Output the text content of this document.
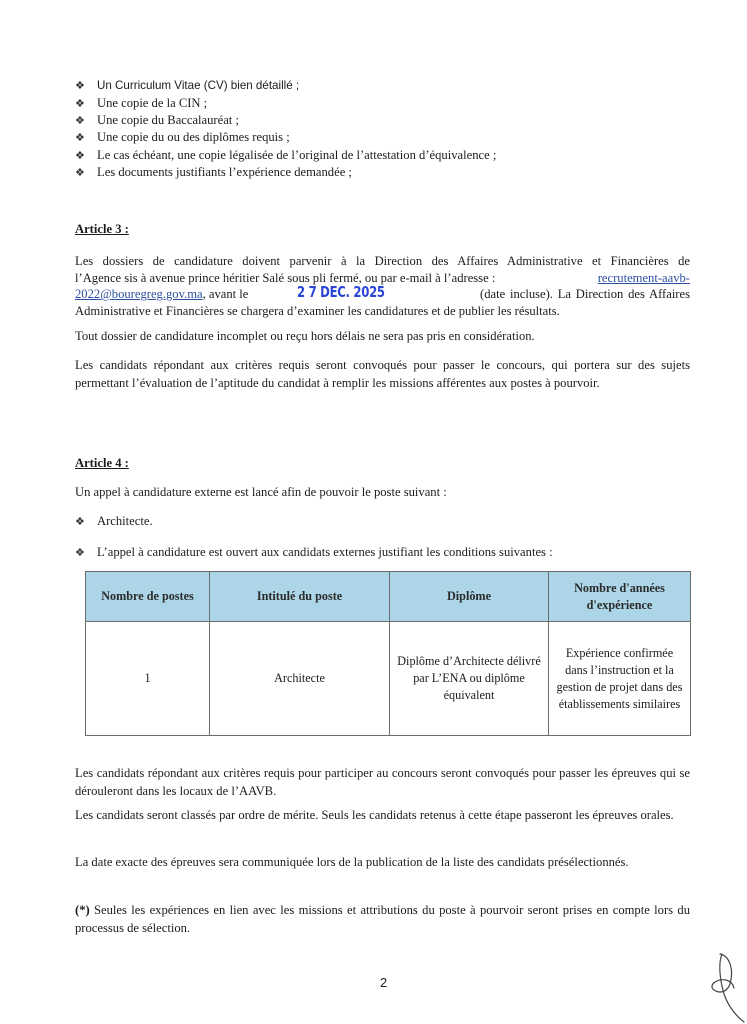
❖	Un Curriculum Vitae (CV) bien détaillé ;
❖ Une copie de la CIN ;
❖ Une copie du Baccalauréat ;
❖ Une copie du ou des diplômes requis ;
❖ Le cas échéant, une copie légalisée de l’original de l’attestation d’équivalence ;
❖ Les documents justifiants l’expérience demandée ;
Article 3 :
Les dossiers de candidature doivent parvenir à la Direction des Affaires Administrative et Financières de
l’Agence sis à avenue prince héritier Salé sous pli fermé, ou par e-mail à l’adresse :	recrutement-aavb-
2022@bouregreg.gov.ma, avant le	2 7 DEC. 2025	(date incluse). La Direction des Affaires
Administrative et Financières se chargera d’examiner les candidatures et de publier les résultats.
Tout dossier de candidature incomplet ou reçu hors délais ne sera pas pris en considération.
Les candidats répondant aux critères requis seront convoqués pour passer le concours, qui portera sur des sujets permettant l’évaluation de l’aptitude du candidat à remplir les missions afférentes aux postes à pourvoir.
Article 4 :
Un appel à candidature externe est lancé afin de pouvoir le poste suivant :
❖ Architecte.
❖ L’appel à candidature est ouvert aux candidats externes justifiant les conditions suivantes :
Nombre de postes	Intitulé du poste	Diplôme	Nombre d'années d'expérience
1	Architecte	Diplôme d’Architecte délivré par L’ENA ou diplôme équivalent	Expérience confirmée dans l’instruction et la gestion de projet dans des établissements similaires
Les candidats répondant aux critères requis pour participer au concours seront convoqués pour passer les épreuves qui se dérouleront dans les locaux de l’AAVB.
Les candidats seront classés par ordre de mérite. Seuls les candidats retenus à cette étape passeront les épreuves orales.
La date exacte des épreuves sera communiquée lors de la publication de la liste des candidats présélectionnés.
(*) Seules les expériences en lien avec les missions et attributions du poste à pourvoir seront prises en compte lors du processus de sélection.
2
